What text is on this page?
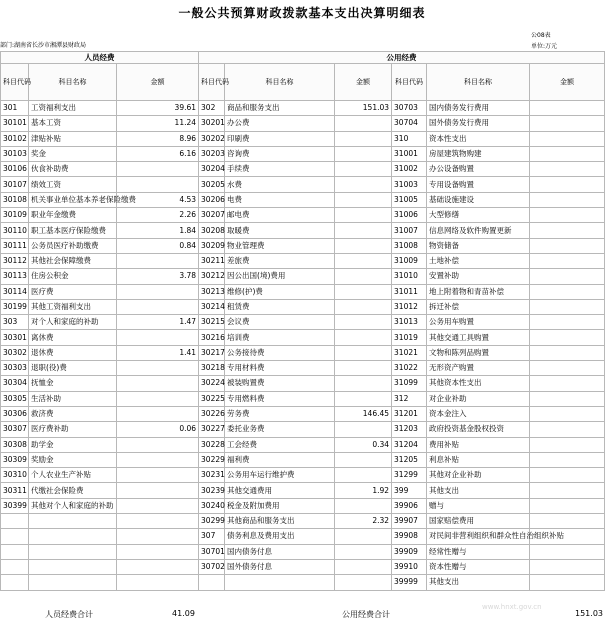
一般公共预算财政拨款基本支出决算明细表
公08表
单位:万元
部门:湖南省长沙市湘潭县财政局
人员经费			公用经费					
科目代码	科目名称	金额	科目代码	科目名称	金额	科目代码	科目名称	金额
301	工资福利支出	39.61	302	商品和服务支出	151.03	30703	国内债务发行费用	
30101	基本工资	11.24	30201	办公费		30704	国外债务发行费用	
30102	津贴补贴	8.96	30202	印刷费		310	资本性支出	
30103	奖金	6.16	30203	咨询费		31001	房屋建筑物购建	
30106	伙食补助费		30204	手续费		31002	办公设备购置	
30107	绩效工资		30205	水费		31003	专用设备购置	
30108	机关事业单位基本养老保险缴费	4.53	30206	电费		31005	基础设施建设	
30109	职业年金缴费	2.26	30207	邮电费		31006	大型修缮	
30110	职工基本医疗保险缴费	1.84	30208	取暖费		31007	信息网络及软件购置更新	
30111	公务员医疗补助缴费	0.84	30209	物业管理费		31008	物资储备	
30112	其他社会保障缴费		30211	差旅费		31009	土地补偿	
30113	住房公积金	3.78	30212	因公出国(境)费用		31010	安置补助	
30114	医疗费		30213	维修(护)费		31011	地上附着物和青苗补偿	
30199	其他工资福利支出		30214	租赁费		31012	拆迁补偿	
303	对个人和家庭的补助	1.47	30215	会议费		31013	公务用车购置	
30301	离休费		30216	培训费		31019	其他交通工具购置	
30302	退休费	1.41	30217	公务接待费		31021	文物和陈列品购置	
30303	退职(役)费		30218	专用材料费		31022	无形资产购置	
30304	抚恤金		30224	被装购置费		31099	其他资本性支出	
30305	生活补助		30225	专用燃料费		312	对企业补助	
30306	救济费		30226	劳务费	146.45	31201	资本金注入	
30307	医疗费补助	0.06	30227	委托业务费		31203	政府投资基金股权投资	
30308	助学金		30228	工会经费	0.34	31204	费用补贴	
30309	奖励金		30229	福利费		31205	利息补贴	
30310	个人农业生产补贴		30231	公务用车运行维护费		31299	其他对企业补助	
30311	代缴社会保险费		30239	其他交通费用	1.92	399	其他支出	
30399	其他对个人和家庭的补助		30240	税金及附加费用		39906	赠与	
			30299	其他商品和服务支出	2.32	39907	国家赔偿费用	
			307	债务利息及费用支出		39908	对民间非营利组织和群众性自治组织补贴	
			30701	国内债务付息		39909	经常性赠与	
			30702	国外债务付息		39910	资本性赠与	
						39999	其他支出	
人员经费合计	41.09	公用经费合计	151.03
www.hnxt.gov.cn
